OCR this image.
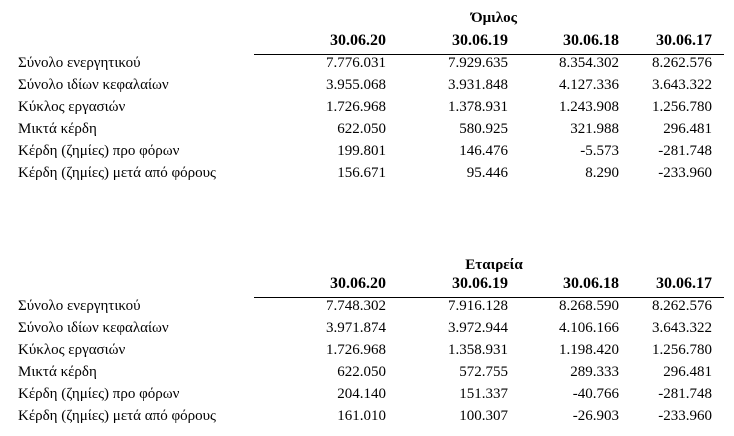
Όμιλος
30.06.20	30.06.19	30.06.18	30.06.17
Σύνολο ενεργητικού	7.776.031	7.929.635	8.354.302	8.262.576
Σύνολο ιδίων κεφαλαίων	3.955.068	3.931.848	4.127.336	3.643.322
Κύκλος εργασιών	1.726.968	1.378.931	1.243.908	1.256.780
Μικτά κέρδη	622.050	580.925	321.988	296.481
Κέρδη (ζημίες) προ φόρων	199.801	146.476	-5.573	-281.748
Κέρδη (ζημίες) μετά από φόρους	156.671	95.446	8.290	-233.960
Εταιρεία
30.06.20	30.06.19	30.06.18	30.06.17
Σύνολο ενεργητικού	7.748.302	7.916.128	8.268.590	8.262.576
Σύνολο ιδίων κεφαλαίων	3.971.874	3.972.944	4.106.166	3.643.322
Κύκλος εργασιών	1.726.968	1.358.931	1.198.420	1.256.780
Μικτά κέρδη	622.050	572.755	289.333	296.481
Κέρδη (ζημίες) προ φόρων	204.140	151.337	-40.766	-281.748
Κέρδη (ζημίες) μετά από φόρους	161.010	100.307	-26.903	-233.960
